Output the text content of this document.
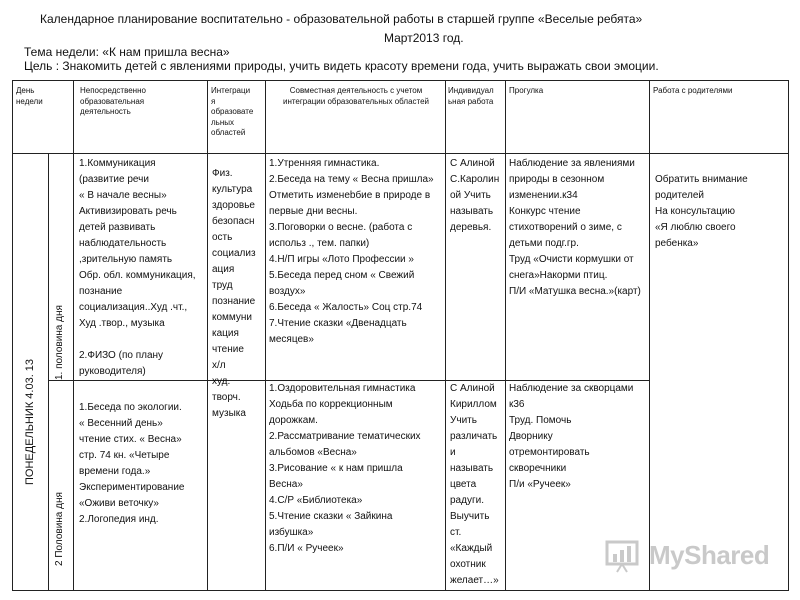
Календарное планирование воспитательно - образовательной работы в старшей группе «Веселые ребята»
Март2013 год.
Тема недели: «К нам пришла весна»
Цель : Знакомить детей с явлениями природы, учить видеть красоту времени года, учить выражать свои эмоции.
День
недели
Непосредственно
образовательная
деятельность
Интеграци
я
образовате
льных
областей
Совместная деятельность с учетом
интеграции образовательных областей
Индивидуал
ьная работа
Прогулка	Работа с родителями
ПОНЕДЕЛЬНИК 4.03. 13
1. половина дня
2 Половина дня
1.Коммуникация
(развитие речи
« В начале весны»
Активизировать речь
детей развивать
наблюдательность
,зрительную память
Обр. обл. коммуникация,
познание
социализация..Худ .чт.,
Худ .твор., музыка

2.ФИЗО (по плану
руководителя)
Физ.
культура
здоровье
безопасн
ость
социализ
ация
труд
познание
коммуни
кация
чтение
х/л
худ.
творч.
музыка
1.Утренняя гимнастика.
2.Беседа на тему « Весна пришла»
Отметить изменеbбие в природе в
первые дни весны.
3.Поговорки о весне. (работа с
использ ., тем. папки)
4.Н/П игры «Лото Профессии »
5.Беседа перед сном « Свежий
воздух»
6.Беседа « Жалость» Соц стр.74
7.Чтение сказки «Двенадцать
месяцев»
С Алиной
С.Каролин
ой Учить
называть
деревья.
Наблюдение за явлениями
природы в сезонном
изменении.к34
Конкурс чтение
стихотворений о зиме, с
детьми подг.гр.
Труд «Очисти кормушки от
снега»Накорми птиц.
П/И «Матушка весна.»(карт)
Обратить внимание
родителей
На консультацию
«Я люблю своего
ребенка»
1.Беседа по экологии.
« Весенний день»
чтение стих. « Весна»
стр. 74 кн. «Четыре
времени года.»
Экспериментирование
«Оживи веточку»
2.Логопедия инд.
1.Оздоровительная гимнастика
Ходьба по коррекционным
дорожкам.
2.Рассматривание тематических
альбомов «Весна»
3.Рисование « к нам пришла
Весна»
4.С/Р «Библиотека»
5.Чтение сказки « Зайкина
избушка»
6.П/И « Ручеек»
С Алиной
Кириллом
Учить
различать
и
называть
цвета
радуги.
Выучить
ст.
«Каждый
охотник
желает…»
Наблюдение за скворцами
к36
Труд. Помочь
Дворнику
отремонтировать
скворечники
П/и «Ручеек»
MyShared
